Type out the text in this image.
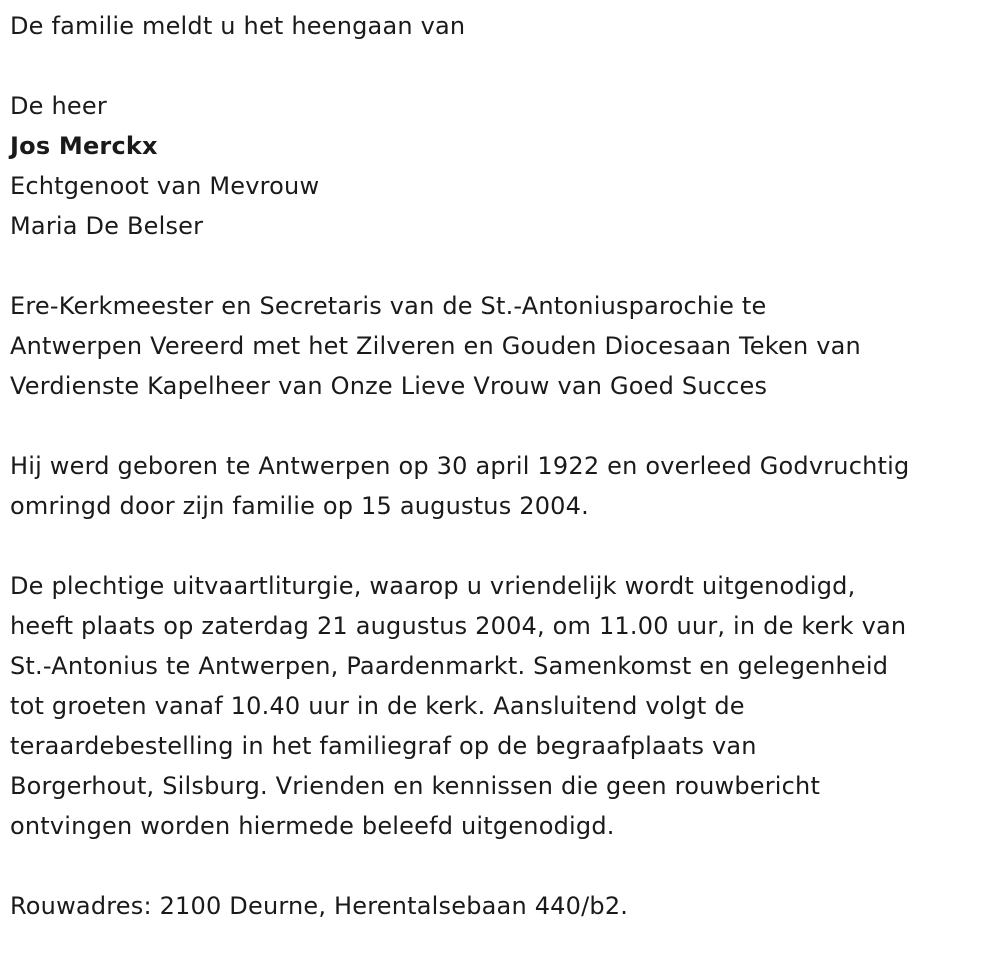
De familie meldt u het heengaan van
De heer
Jos Merckx
Echtgenoot van Mevrouw
Maria De Belser
Ere-Kerkmeester en Secretaris van de St.-Antoniusparochie te
Antwerpen Vereerd met het Zilveren en Gouden Diocesaan Teken van
Verdienste Kapelheer van Onze Lieve Vrouw van Goed Succes
Hij werd geboren te Antwerpen op 30 april 1922 en overleed Godvruchtig
omringd door zijn familie op 15 augustus 2004.
De plechtige uitvaartliturgie, waarop u vriendelijk wordt uitgenodigd,
heeft plaats op zaterdag 21 augustus 2004, om 11.00 uur, in de kerk van
St.-Antonius te Antwerpen, Paardenmarkt. Samenkomst en gelegenheid
tot groeten vanaf 10.40 uur in de kerk. Aansluitend volgt de
teraardebestelling in het familiegraf op de begraafplaats van
Borgerhout, Silsburg. Vrienden en kennissen die geen rouwbericht
ontvingen worden hiermede beleefd uitgenodigd.
Rouwadres: 2100 Deurne, Herentalsebaan 440/b2.
